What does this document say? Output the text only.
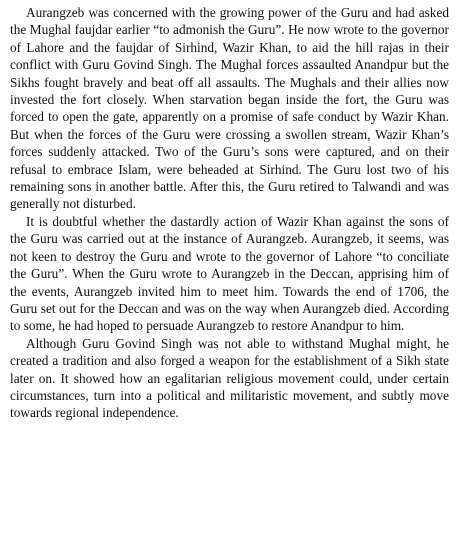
Aurangzeb was concerned with the growing power of the Guru and had asked the Mughal faujdar earlier “to admonish the Guru”. He now wrote to the governor of Lahore and the faujdar of Sirhind, Wazir Khan, to aid the hill rajas in their conflict with Guru Govind Singh. The Mughal forces assaulted Anandpur but the Sikhs fought bravely and beat off all assaults. The Mughals and their allies now invested the fort closely. When starvation began inside the fort, the Guru was forced to open the gate, apparently on a promise of safe conduct by Wazir Khan. But when the forces of the Guru were crossing a swollen stream, Wazir Khan’s forces suddenly attacked. Two of the Guru’s sons were captured, and on their refusal to embrace Islam, were beheaded at Sirhind. The Guru lost two of his remaining sons in another battle. After this, the Guru retired to Talwandi and was generally not disturbed.

It is doubtful whether the dastardly action of Wazir Khan against the sons of the Guru was carried out at the instance of Aurangzeb. Aurangzeb, it seems, was not keen to destroy the Guru and wrote to the governor of Lahore “to conciliate the Guru”. When the Guru wrote to Aurangzeb in the Deccan, apprising him of the events, Aurangzeb invited him to meet him. Towards the end of 1706, the Guru set out for the Deccan and was on the way when Aurangzeb died. According to some, he had hoped to persuade Aurangzeb to restore Anandpur to him.

Although Guru Govind Singh was not able to withstand Mughal might, he created a tradition and also forged a weapon for the establishment of a Sikh state later on. It showed how an egalitarian religious movement could, under certain circumstances, turn into a political and militaristic movement, and subtly move towards regional independence.
